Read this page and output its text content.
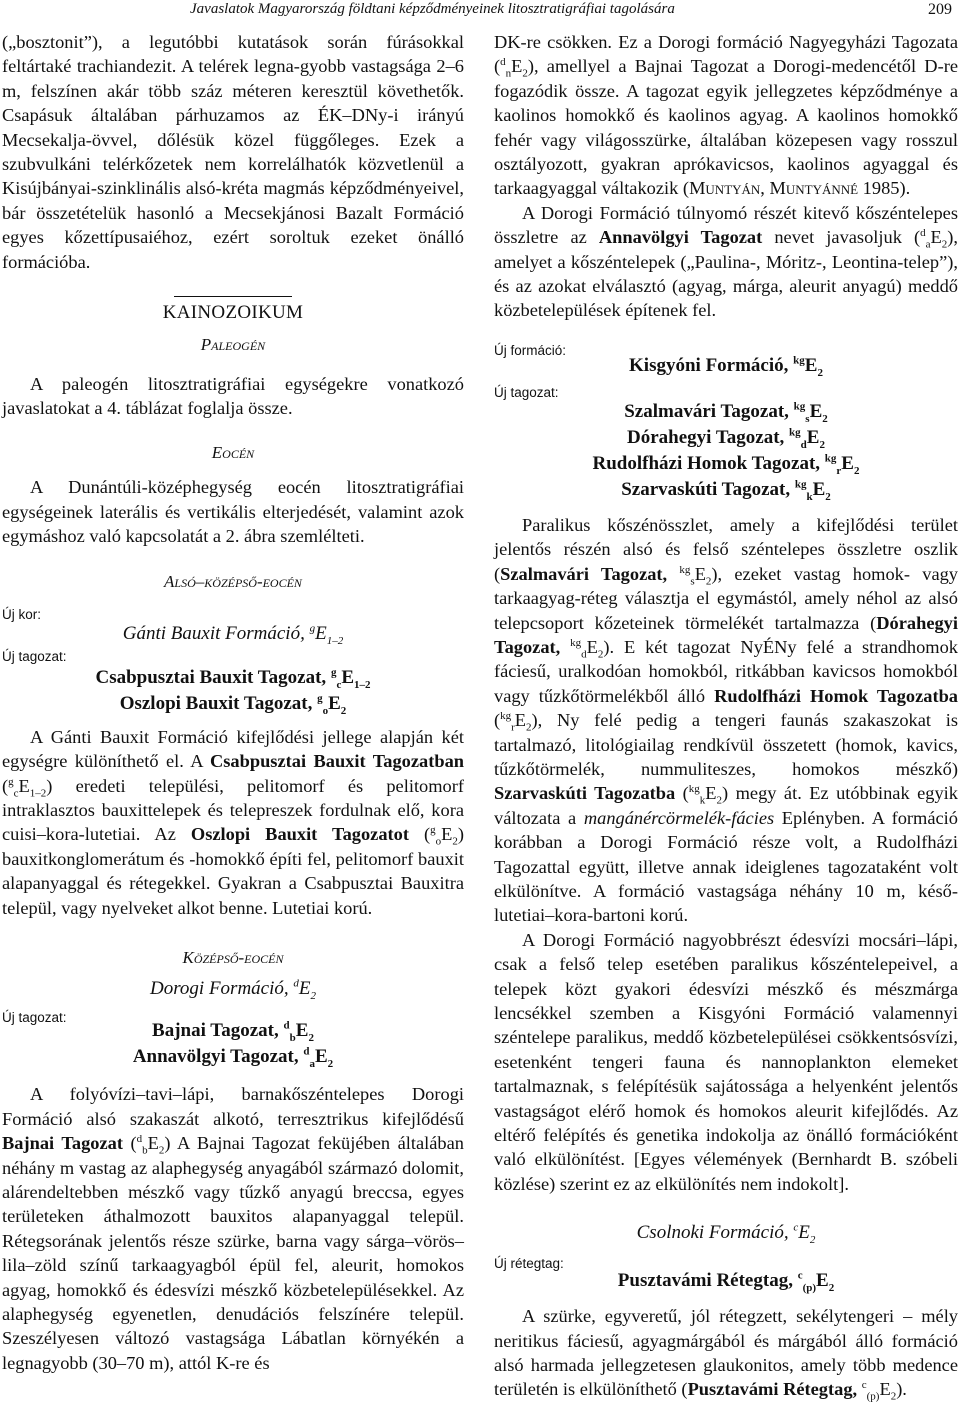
Javaslatok Magyarország földtani képződményeinek litosztratigráfiai tagolására	209

(„bosztonit”), a legutóbbi kutatások során fúrásokkal feltártaké trachiandezit. A telérek legna-gyobb vastagsága 2–6 m, felszínen akár több száz méteren keresztül követhetők. Csapásuk általában párhuzamos az ÉK–DNy-i irányú Mecsekalja-övvel, dőlésük közel függőleges. Ezek a szubvulkáni telérkőzetek nem korrelálhatók közvetlenül a Kisújbányai-szinklinális alsó-kréta magmás képződményeivel, bár összetételük hasonló a Mecsekjánosi Bazalt Formáció egyes kőzettípusaiéhoz, ezért soroltuk ezeket önálló formációba.

KAINOZOIKUM
Paleogén

A paleogén litosztratigráfiai egységekre vonatkozó javaslatokat a 4. táblázat foglalja össze.

Eocén

A Dunántúli-középhegység eocén litosztratigráfiai egységeinek laterális és vertikális elterjedését, valamint azok egymáshoz való kapcsolatát a 2. ábra szemlélteti.

Alsó–középső-eocén
Új kor:
Gánti Bauxit Formáció, $^gE_{1-2}$
Új tagozat:
Csabpusztai Bauxit Tagozat, $^g_cE_{1-2}$
Oszlopi Bauxit Tagozat, $^g_oE_2$

A Gánti Bauxit Formáció kifejlődési jellege alapján két egységre különíthető el. A Csabpusztai Bauxit Tagozatban $(^g_cE_{1-2})$ eredeti települési, pelitomorf és pelitomorf intraklasztos bauxittelepek és telepreszek fordulnak elő, kora cuisi–kora-lutetiai. Az Oszlopi Bauxit Tagozatot $(^g_oE_2)$ bauxitkonglomerátum és -homokkő építi fel, pelitomorf bauxit alapanyaggal és rétegekkel. Gyakran a Csabpusztai Bauxitra települ, vagy nyelveket alkot benne. Lutetiai korú.

Középső-eocén
Dorogi Formáció, $^dE_2$
Új tagozat:
Bajnai Tagozat, $^d_bE_2$
Annavölgyi Tagozat, $^d_aE_2$

A folyóvízi–tavi–lápi, barnakőszéntelepes Dorogi Formáció alsó szakaszát alkotó, terresztrikus kifejlődésű Bajnai Tagozat $(^d_bE_2)$ A Bajnai Tagozat feküjében általában néhány m vastag az alaphegység anyagából származó dolomit, alárendeltebben mészkő vagy tűzkő anyagú breccsa, egyes területeken áthalmozott bauxitos alapanyaggal települ. Rétegsorának jelentős része szürke, barna vagy sárga–vörös–lila–zöld színű tarkaagyagból épül fel, aleurit, homokos agyag, homokkő és édesvízi mészkő közbetelepülésekkel. Az alaphegység egyenetlen, denudációs felszínére települ. Szeszélyesen változó vastagsága Lábatlan környékén a legnagyobb (30–70 m), attól K-re és

DK-re csökken. Ez a Dorogi formáció Nagyegyházi Tagozata $(^d_nE_2)$, amellyel a Bajnai Tagozat a Dorogi-medencétől D-re fogazódik össze. A tagozat egyik jellegzetes képződménye a kaolinos homokkő és kaolinos agyag. A kaolinos homokkő fehér vagy világosszürke, általában közepesen vagy rosszul osztályozott, gyakran aprókavicsos, kaolinos agyaggal és tarkaagyaggal váltakozik (Muntyán, Muntyánné 1985).

A Dorogi Formáció túlnyomó részét kitevő kőszéntelepes összletre az Annavölgyi Tagozat nevet javasoljuk $(^d_aE_2)$, amelyet a kőszéntelepek („Paulina-, Móritz-, Leontina-telep”), és az azokat elválasztó (agyag, márga, aleurit anyagú) meddő közbetelepülések építenek fel.

Új formáció:
Kisgyóni Formáció, $^{kg}E_2$
Új tagozat:
Szalmavári Tagozat, $^{kg}_sE_2$
Dórahegyi Tagozat, $^{kg}_dE_2$
Rudolfházi Homok Tagozat, $^{kg}_rE_2$
Szarvaskúti Tagozat, $^{kg}_kE_2$

Paralikus kőszénösszlet, amely a kifejlődési terület jelentős részén alsó és felső széntelepes összletre oszlik (Szalmavári Tagozat, $^{kg}_sE_2$), ezeket vastag homok- vagy tarkaagyag-réteg választja el egymástól, amely néhol az alsó telepcsoport kőzeteinek törmelékét tartalmazza (Dórahegyi Tagozat, $^{kg}_dE_2$). E két tagozat NyÉNy felé a strandhomok fáciesű, uralkodóan homokból, ritkábban kavicsos homokból vagy tűzkőtörmelékből álló Rudolfházi Homok Tagozatba $(^{kg}_rE_2)$, Ny felé pedig a tengeri faunás szakaszokat is tartalmazó, litológiailag rendkívül összetett (homok, kavics, tűzkőtörmelék, nummuliteszes, homokos mészkő) Szarvaskúti Tagozatba $(^{kg}_kE_2)$ megy át. Ez utóbbinak egyik változata a mangánércörmelék-fácies Eplényben. A formáció korábban a Dorogi Formáció része volt, a Rudolfházi Tagozattal együtt, illetve annak ideiglenes tagozataként volt elkülönítve. A formáció vastagsága néhány 10 m, késő-lutetiai–kora-bartoni korú.

A Dorogi Formáció nagyobbrészt édesvízi mocsári–lápi, csak a felső telep esetében paralikus kőszéntelepeivel, a telepek közt gyakori édesvízi mészkő és mészmárga lencsékkel szemben a Kisgyóni Formáció valamennyi széntelepe paralikus, meddő közbetelepülései csökkentsósvízi, esetenként tengeri fauna és nannoplankton elemeket tartalmaznak, s felépítésük sajátossága a helyenként jelentős vastagságot elérő homok és homokos aleurit kifejlődés. Az eltérő felépítés és genetika indokolja az önálló formációként való elkülönítést. [Egyes vélemények (Bernhardt B. szóbeli közlése) szerint ez az elkülönítés nem indokolt].

Csolnoki Formáció, $^cE_2$
Új rétegtag:
Pusztavámi Rétegtag, $^c_{(p)}E_2$

A szürke, egyveretű, jól rétegzett, sekélytengeri – mély neritikus fáciesű, agyagmárgából és márgából álló formáció alsó harmada jellegzetesen glaukonitos, amely több medence területén is elkülöníthető (Pusztavámi Rétegtag, $^c_{(p)}E_2$).
